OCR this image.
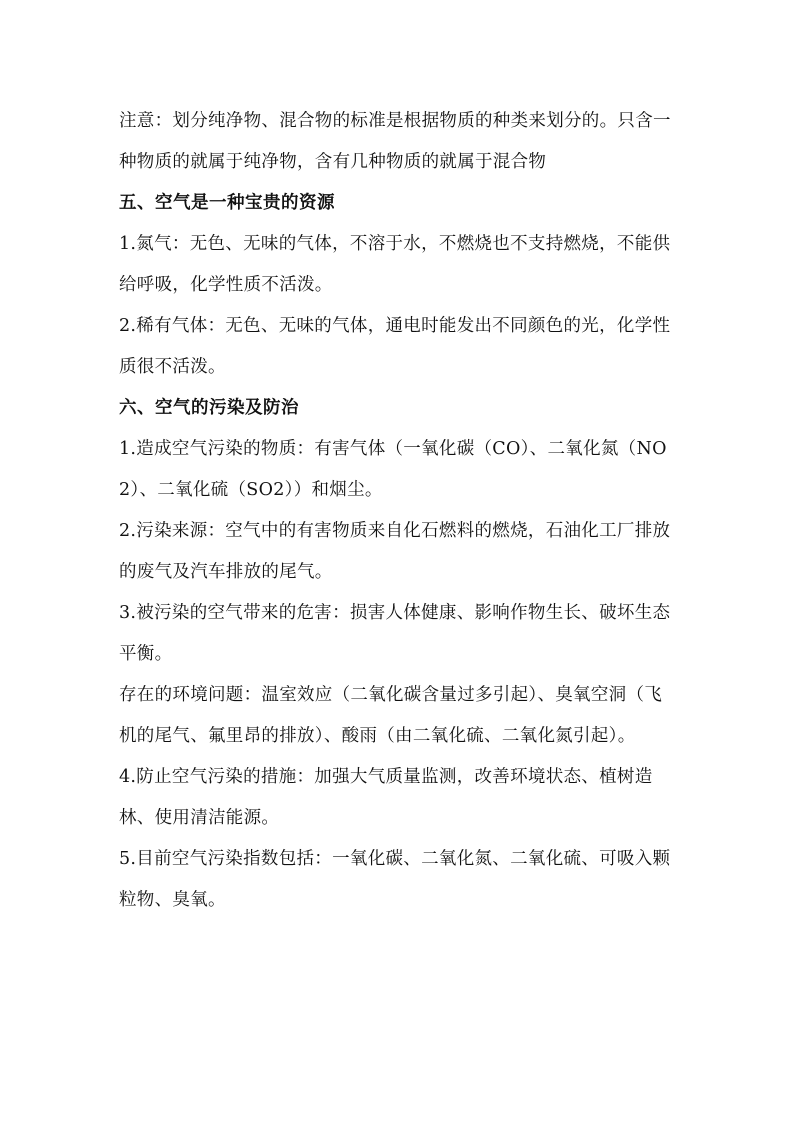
注意：划分纯净物、混合物的标准是根据物质的种类来划分的。只含一种物质的就属于纯净物，含有几种物质的就属于混合物

五、空气是一种宝贵的资源

1.氮气：无色、无味的气体，不溶于水，不燃烧也不支持燃烧，不能供给呼吸，化学性质不活泼。

2.稀有气体：无色、无味的气体，通电时能发出不同颜色的光，化学性质很不活泼。

六、空气的污染及防治

1.造成空气污染的物质：有害气体（一氧化碳（CO）、二氧化氮（NO2）、二氧化硫（SO2））和烟尘。

2.污染来源：空气中的有害物质来自化石燃料的燃烧，石油化工厂排放的废气及汽车排放的尾气。

3.被污染的空气带来的危害：损害人体健康、影响作物生长、破坏生态平衡。

存在的环境问题：温室效应（二氧化碳含量过多引起）、臭氧空洞（飞机的尾气、氟里昂的排放）、酸雨（由二氧化硫、二氧化氮引起）。

4.防止空气污染的措施：加强大气质量监测，改善环境状态、植树造林、使用清洁能源。

5.目前空气污染指数包括：一氧化碳、二氧化氮、二氧化硫、可吸入颗粒物、臭氧。
